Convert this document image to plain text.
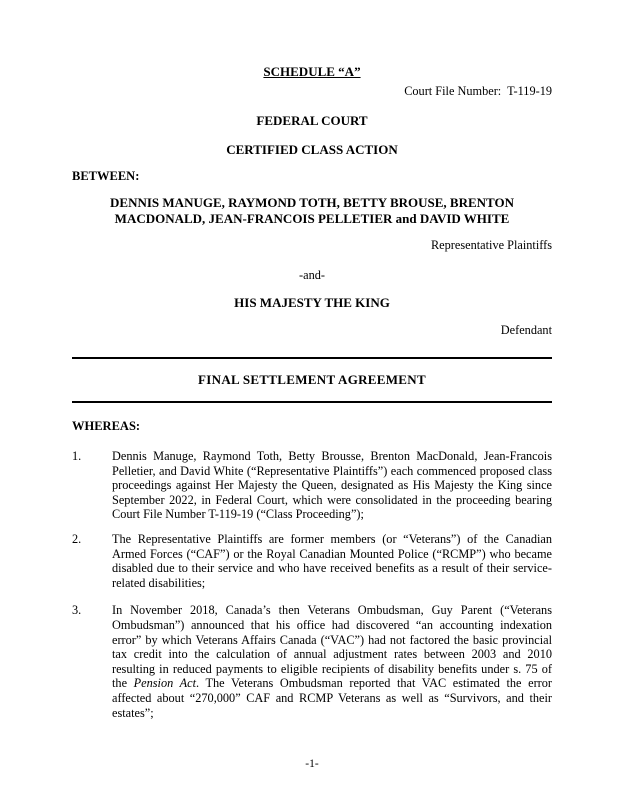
SCHEDULE “A”
Court File Number:  T-119-19
FEDERAL COURT
CERTIFIED CLASS ACTION
BETWEEN:
DENNIS MANUGE, RAYMOND TOTH, BETTY BROUSE, BRENTON MACDONALD, JEAN-FRANCOIS PELLETIER and DAVID WHITE
Representative Plaintiffs
-and-
HIS MAJESTY THE KING
Defendant
FINAL SETTLEMENT AGREEMENT
WHEREAS:
1.	Dennis Manuge, Raymond Toth, Betty Brousse, Brenton MacDonald, Jean-Francois Pelletier, and David White (“Representative Plaintiffs”) each commenced proposed class proceedings against Her Majesty the Queen, designated as His Majesty the King since September 2022, in Federal Court, which were consolidated in the proceeding bearing Court File Number T-119-19 (“Class Proceeding”);
2.	The Representative Plaintiffs are former members (or “Veterans”) of the Canadian Armed Forces (“CAF”) or the Royal Canadian Mounted Police (“RCMP”) who became disabled due to their service and who have received benefits as a result of their service-related disabilities;
3.	In November 2018, Canada’s then Veterans Ombudsman, Guy Parent (“Veterans Ombudsman”) announced that his office had discovered “an accounting indexation error” by which Veterans Affairs Canada (“VAC”) had not factored the basic provincial tax credit into the calculation of annual adjustment rates between 2003 and 2010 resulting in reduced payments to eligible recipients of disability benefits under s. 75 of the Pension Act. The Veterans Ombudsman reported that VAC estimated the error affected about “270,000” CAF and RCMP Veterans as well as “Survivors, and their estates”;
-1-
